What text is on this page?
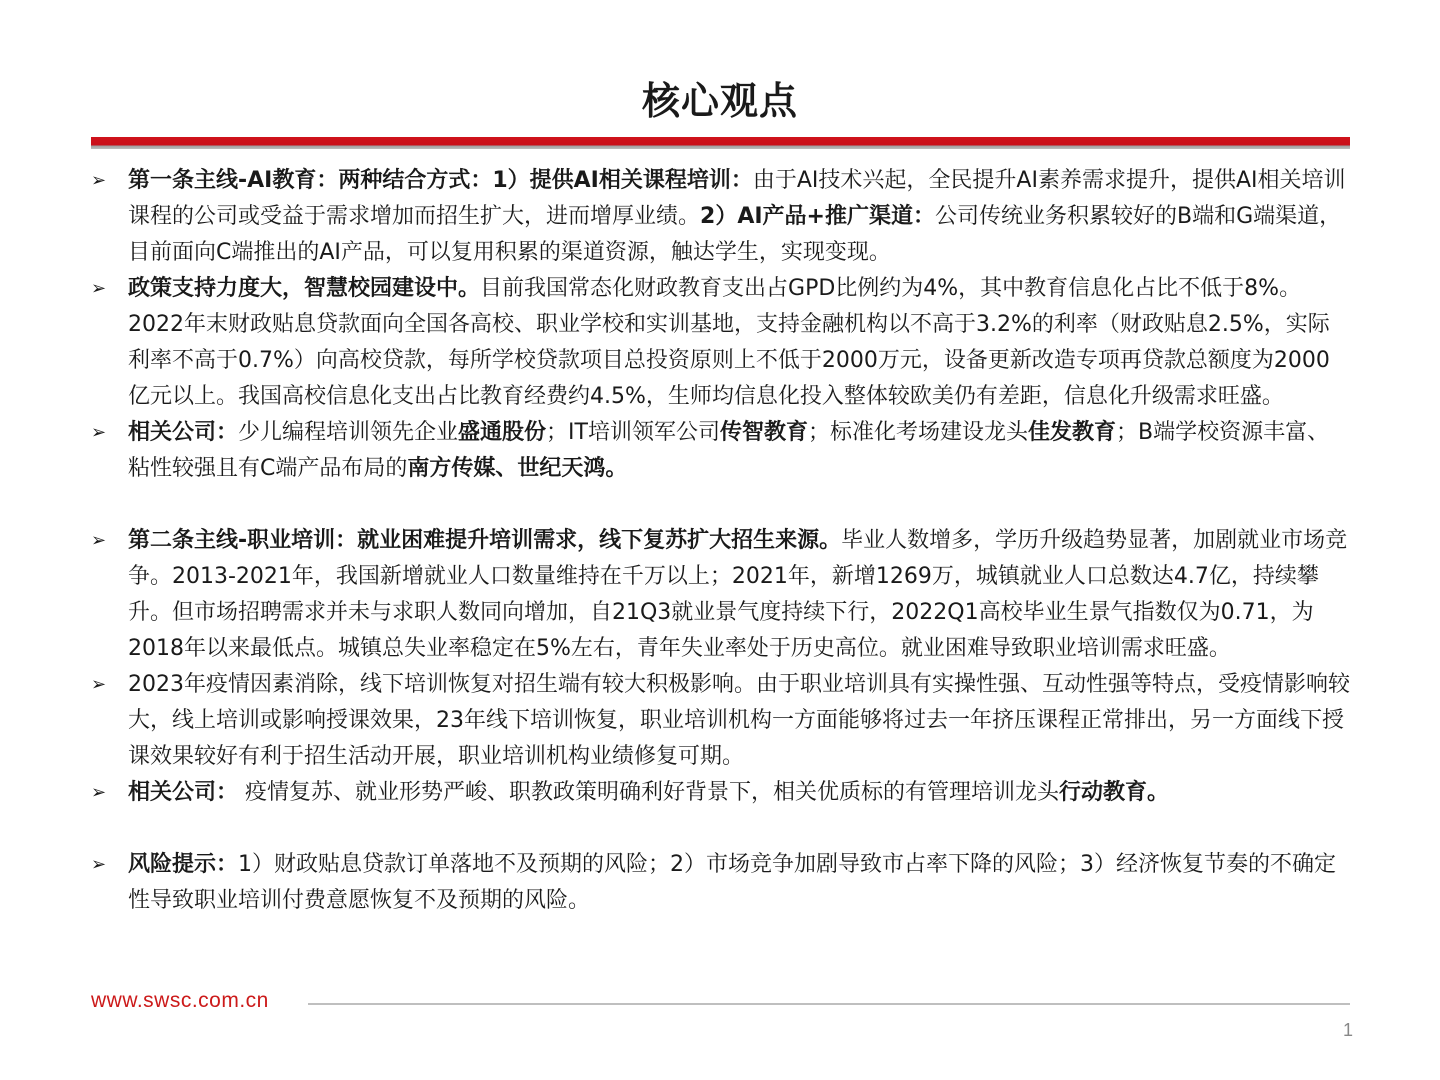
核心观点
➢ 第一条主线-AI教育：两种结合方式：1）提供AI相关课程培训：由于AI技术兴起，全民提升AI素养需求提升，提供AI相关培训课程的公司或受益于需求增加而招生扩大，进而增厚业绩。2）AI产品+推广渠道：公司传统业务积累较好的B端和G端渠道，目前面向C端推出的AI产品，可以复用积累的渠道资源，触达学生，实现变现。
➢ 政策支持力度大，智慧校园建设中。目前我国常态化财政教育支出占GPD比例约为4%，其中教育信息化占比不低于8%。2022年末财政贴息贷款面向全国各高校、职业学校和实训基地，支持金融机构以不高于3.2%的利率（财政贴息2.5%，实际利率不高于0.7%）向高校贷款，每所学校贷款项目总投资原则上不低于2000万元，设备更新改造专项再贷款总额度为2000亿元以上。我国高校信息化支出占比教育经费约4.5%，生师均信息化投入整体较欧美仍有差距，信息化升级需求旺盛。
➢ 相关公司：少儿编程培训领先企业盛通股份；IT培训领军公司传智教育；标准化考场建设龙头佳发教育；B端学校资源丰富、粘性较强且有C端产品布局的南方传媒、世纪天鸿。
➢ 第二条主线-职业培训：就业困难提升培训需求，线下复苏扩大招生来源。毕业人数增多，学历升级趋势显著，加剧就业市场竞争。2013-2021年，我国新增就业人口数量维持在千万以上；2021年，新增1269万，城镇就业人口总数达4.7亿，持续攀升。但市场招聘需求并未与求职人数同向增加，自21Q3就业景气度持续下行，2022Q1高校毕业生景气指数仅为0.71，为2018年以来最低点。城镇总失业率稳定在5%左右，青年失业率处于历史高位。就业困难导致职业培训需求旺盛。
➢ 2023年疫情因素消除，线下培训恢复对招生端有较大积极影响。由于职业培训具有实操性强、互动性强等特点，受疫情影响较大，线上培训或影响授课效果，23年线下培训恢复，职业培训机构一方面能够将过去一年挤压课程正常排出，另一方面线下授课效果较好有利于招生活动开展，职业培训机构业绩修复可期。
➢ 相关公司： 疫情复苏、就业形势严峻、职教政策明确利好背景下，相关优质标的有管理培训龙头行动教育。
➢ 风险提示：1）财政贴息贷款订单落地不及预期的风险；2）市场竞争加剧导致市占率下降的风险；3）经济恢复节奏的不确定性导致职业培训付费意愿恢复不及预期的风险。
www.swsc.com.cn
1
